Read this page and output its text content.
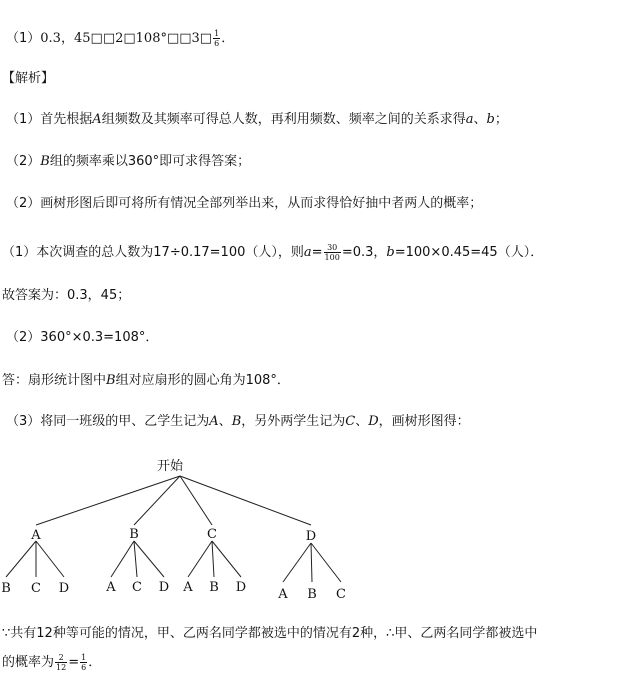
（1）0.3，45□□2□108°□□3□ $\frac{1}{6}$ ．
【解析】
（1）首先根据A组频数及其频率可得总人数，再利用频数、频率之间的关系求得a、b；
（2）B组的频率乘以360°即可求得答案；
（2）画树形图后即可将所有情况全部列举出来，从而求得恰好抽中者两人的概率；
（1）本次调查的总人数为17÷0.17=100（人），则$a= \frac{30}{100} =0.3$，b=100×0.45=45（人）．
故答案为：0.3，45；
（2）360°×0.3=108°．
答：扇形统计图中B组对应扇形的圆心角为108°．
（3）将同一班级的甲、乙学生记为A、B，另外两学生记为C、D，画树形图得：
开始
A	B	C	D
B C D	A C D A B D A B C
∵共有12种等可能的情况，甲、乙两名同学都被选中的情况有2种，∴甲、乙两名同学都被选中
的概率为 $\frac{2}{12} = \frac{1}{6}$ ．
